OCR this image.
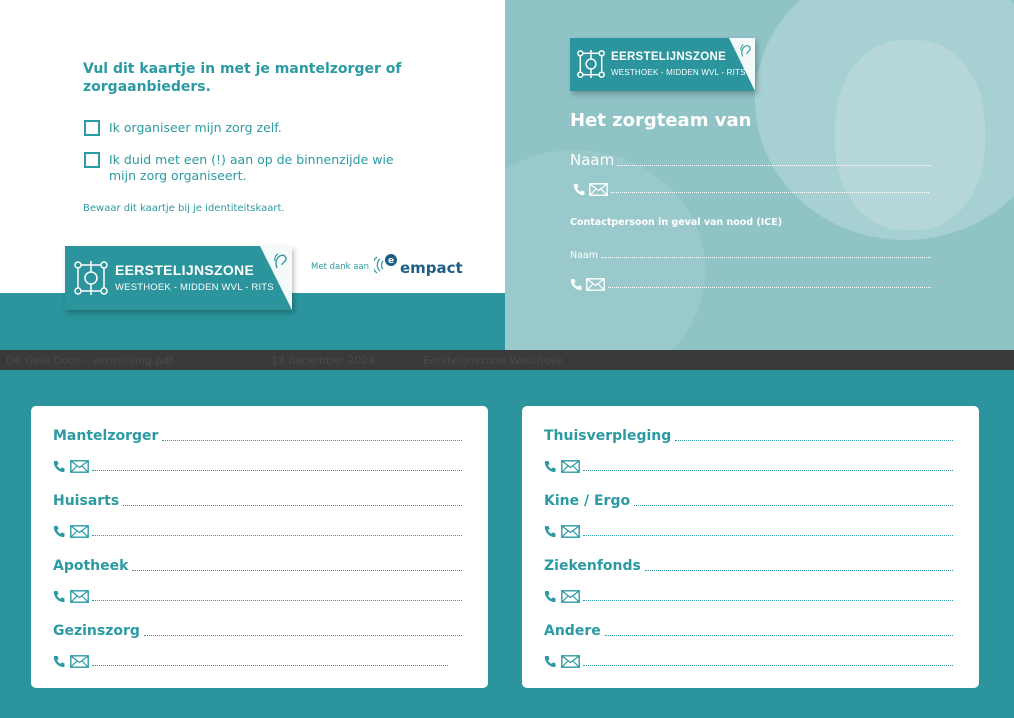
Vul dit kaartje in met je mantelzorger of zorgaanbieders.
Ik organiseer mijn zorg zelf.
Ik duid met een (!) aan op de binnenzijde wie mijn zorg organiseert.
Bewaar dit kaartje bij je identiteitskaart.
Met dank aan
e empact
EERSTELIJNSZONE
WESTHOEK - MIDDEN WVL - RITS
EERSTELIJNSZONE
WESTHOEK - MIDDEN WVL - RITS
Het zorgteam van
Naam
Contactpersoon in geval van nood (ICE)
Naam
De Gele Doos - vermissing.pdf	17 december 2024	Eerstelijnszone Westhoek
Mantelzorger
Huisarts
Apotheek
Gezinszorg
Thuisverpleging
Kine / Ergo
Ziekenfonds
Andere
